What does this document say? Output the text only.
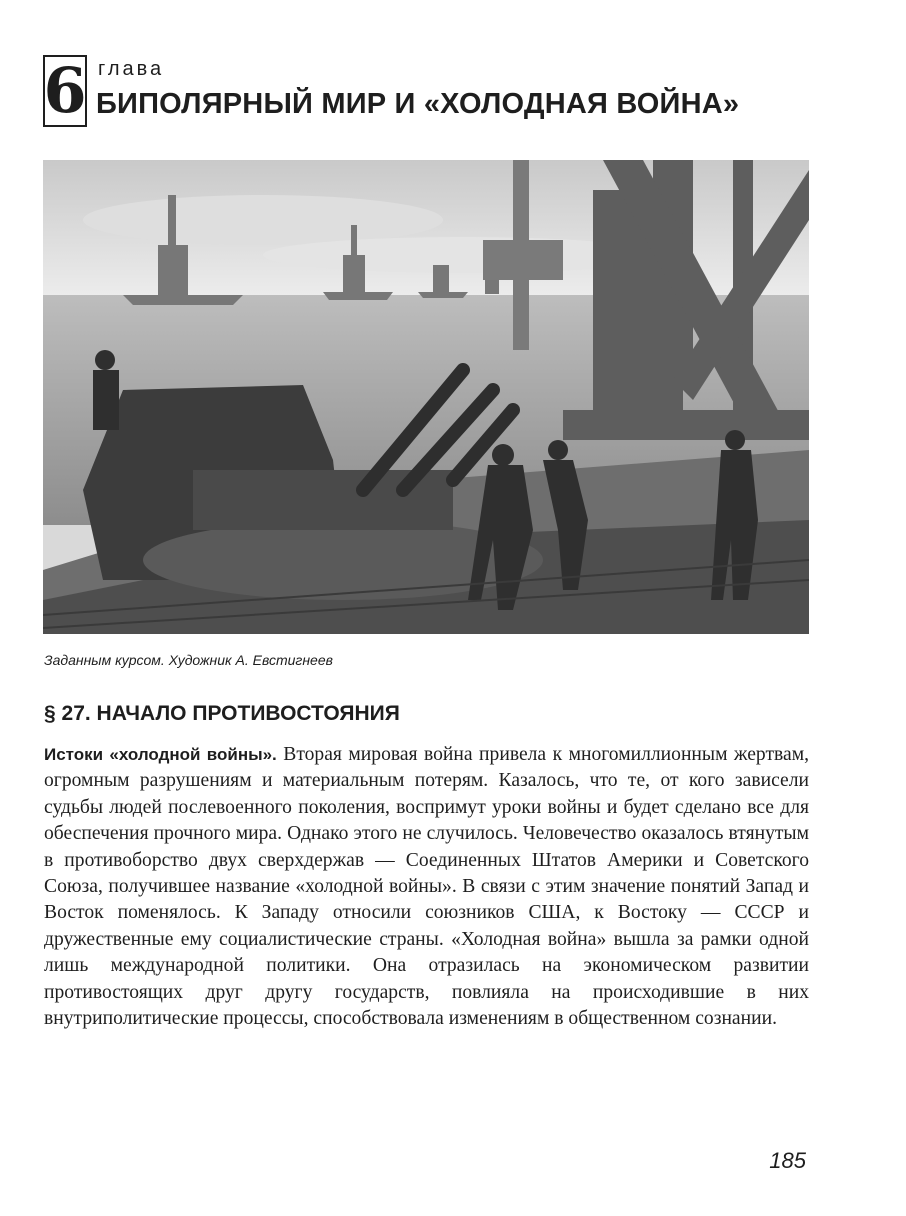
6 глава
БИПОЛЯРНЫЙ МИР И «ХОЛОДНАЯ ВОЙНА»
Заданным курсом. Художник А. Евстигнеев
§ 27. НАЧАЛО ПРОТИВОСТОЯНИЯ
Истоки «холодной войны». Вторая мировая война привела к многомиллионным жертвам, огромным разрушениям и материальным потерям. Казалось, что те, от кого зависели судьбы людей послевоенного поколения, воспримут уроки войны и будет сделано все для обеспечения прочного мира. Однако этого не случилось. Человечество оказалось втянутым в противоборство двух сверхдержав — Соединенных Штатов Америки и Советского Союза, получившее название «холодной войны». В связи с этим значение понятий Запад и Восток поменялось. К Западу относили союзников США, к Востоку — СССР и дружественные ему социалистические страны. «Холодная война» вышла за рамки одной лишь международной политики. Она отразилась на экономическом развитии противостоящих друг другу государств, повлияла на происходившие в них внутриполитические процессы, способствовала изменениям в общественном сознании.
185
